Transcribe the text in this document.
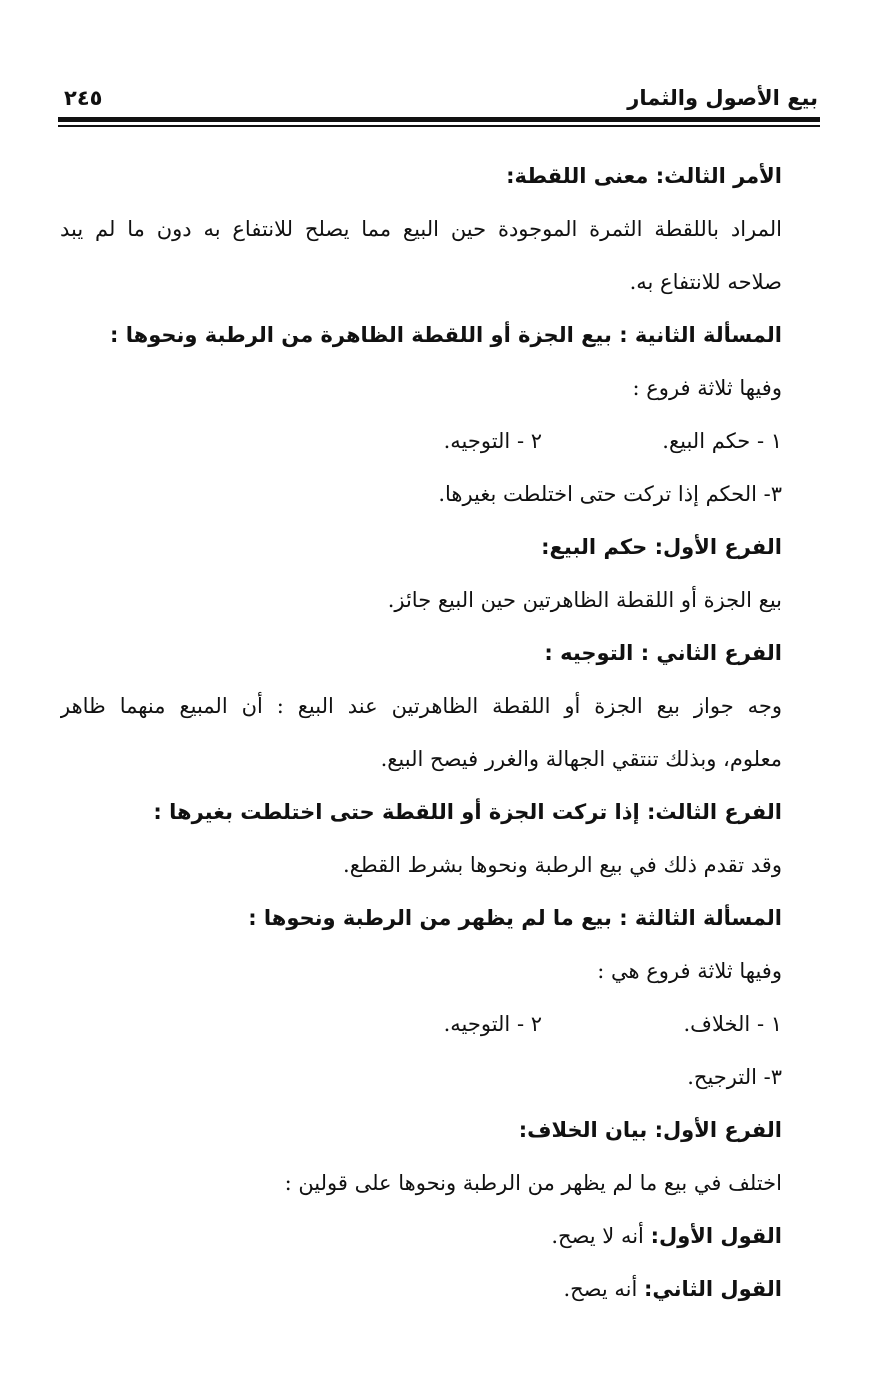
بيع الأصول والثمار
٢٤٥
الأمر الثالث: معنى اللقطة:
المراد باللقطة الثمرة الموجودة حين البيع مما يصلح للانتفاع به دون ما لم يبد
صلاحه للانتفاع به.
المسألة الثانية : بيع الجزة أو اللقطة الظاهرة من الرطبة ونحوها :
وفيها ثلاثة فروع :
١ - حكم البيع.
٢ - التوجيه.
٣- الحكم إذا تركت حتى اختلطت بغيرها.
الفرع الأول: حكم البيع:
بيع الجزة أو اللقطة الظاهرتين حين البيع جائز.
الفرع الثاني : التوجيه :
وجه جواز بيع الجزة أو اللقطة الظاهرتين عند البيع : أن المبيع منهما ظاهر
معلوم، وبذلك تنتقي الجهالة والغرر فيصح البيع.
الفرع الثالث: إذا تركت الجزة أو اللقطة حتى اختلطت بغيرها :
وقد تقدم ذلك في بيع الرطبة ونحوها بشرط القطع.
المسألة الثالثة : بيع ما لم يظهر من الرطبة ونحوها :
وفيها ثلاثة فروع هي :
١ - الخلاف.
٢ - التوجيه.
٣- الترجيح.
الفرع الأول: بيان الخلاف:
اختلف في بيع ما لم يظهر من الرطبة ونحوها على قولين :
القول الأول: أنه لا يصح.
القول الثاني: أنه يصح.
